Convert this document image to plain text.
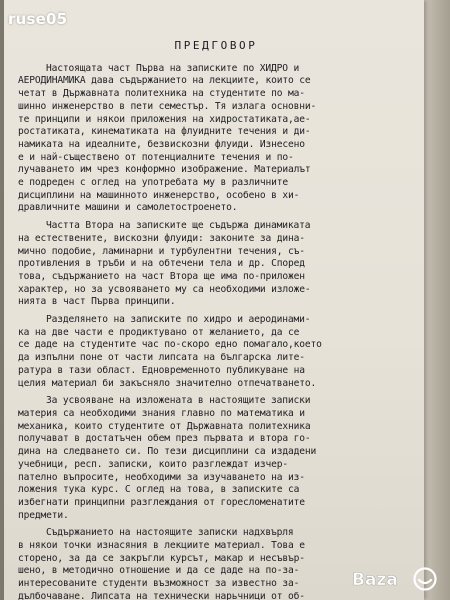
ПРЕДГОВОР
Настоящата част Първа на записките по ХИДРО и
АЕРОДИНАМИКА дава съдържанието на лекциите, които се
четат в Държавната политехника на студентите по ма-
шинно инженерство в пети семестър. Тя излага основни-
те принципи и някои приложения на хидростатиката,аe-
ростатиката, кинематиката на флуидните течения и ди-
намиката на идеалните, безвискозни флуиди. Изнесено
е и най-съществено от потенциалните течения и по-
лучаването им чрез конформно изображение. Материалът
е подреден с оглед на употребата му в различните
дисциплини на машинното инженерство, особено в хи-
дравличните машини и самолетостроенето.
Частта Втора на записките ще съдържа динамиката
на естествените, вискозни флуиди: законите за дина-
мично подобие, ламинарни и турбулентни течения, съ-
противления в тръби и на обтечени тела и др. Според
това, съдържанието на част Втора ще има по-приложен
характер, но за усвояването му са необходими изложе-
нията в част Първа принципи.
Разделянето на записките по хидро и аеродинами-
ка на две части е продиктувано от желанието, да се
се даде на студентите час по-скоро едно помагало,което
да изпълни поне от части липсата на българска лите-
ратура в тази област. Едновременното публикуване на
целия материал би закъсняло значително отпечатването.
За усвояване на изложената в настоящите записки
материя са необходими знания главно по математика и
механика, които студентите от Държавната политехника
получават в достатъчен обем през първата и втора го-
дина на следването си. По тези дисциплини са издадени
учебници, респ. записки, които разглеждат изчер-
пателно въпросите, необходими за изучаването на из-
ложения тука курс. С оглед на това, в записките са
избегнати принципни разглеждания от горесломенатите
предмети.
Съдържанието на настоящите записки надхвърля
в някои точки изнасяния в лекциите материал. Това е
сторено, за да се закръгли курсът, макар и несъвър-
шено, в методично отношение и да се даде на по-за-
интересованите студенти възможност за известно за-
дълбочаване. Липсата на технически нарьчници от об-
ruse05
Baza
